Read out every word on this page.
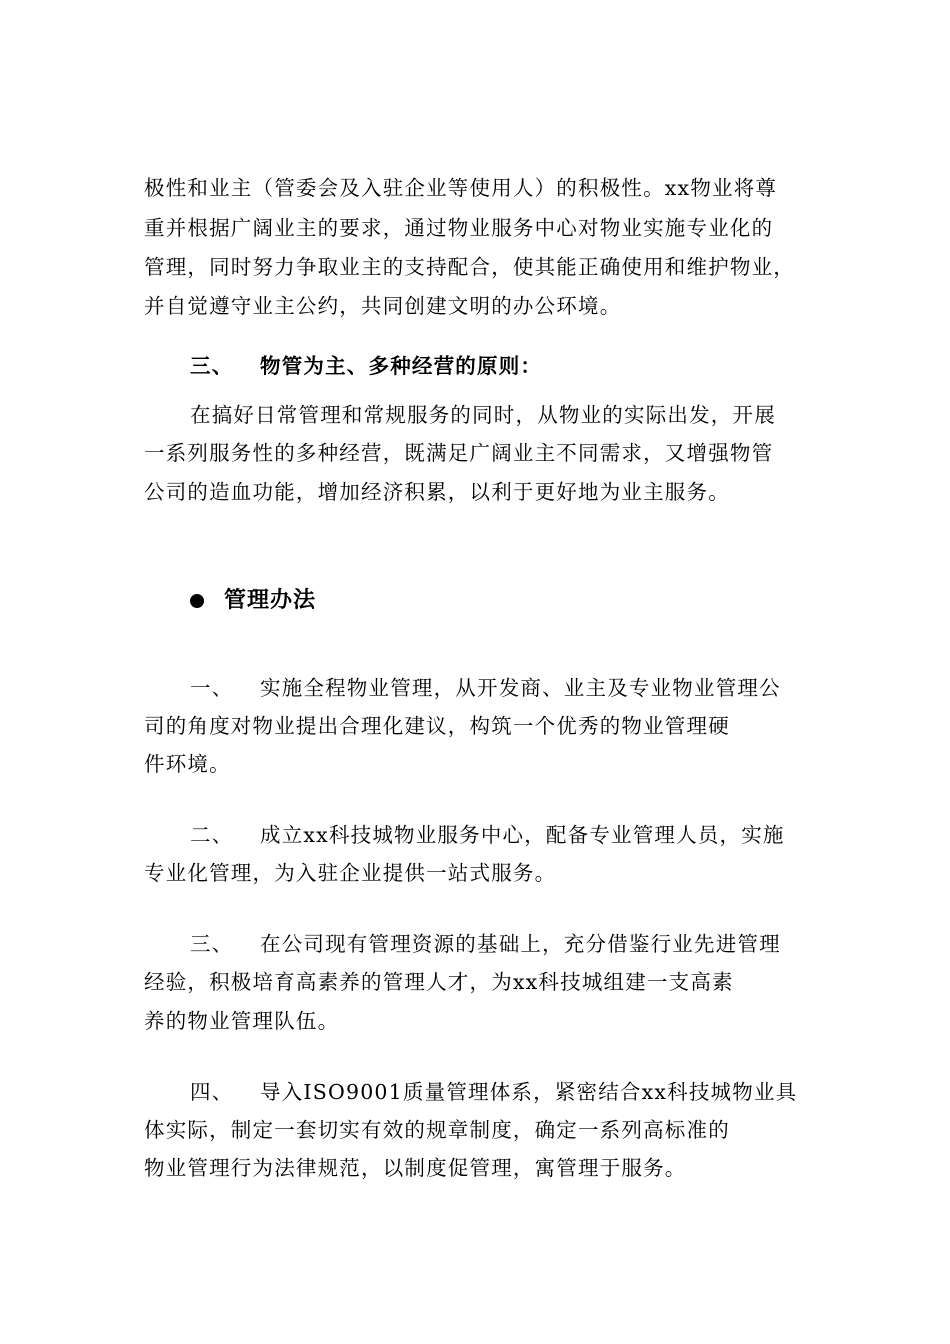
极性和业主（管委会及入驻企业等使用人）的积极性。xx物业将尊
重并根据广阔业主的要求，通过物业服务中心对物业实施专业化的
管理，同时努力争取业主的支持配合，使其能正确使用和维护物业，
并自觉遵守业主公约，共同创建文明的办公环境。
三、 物管为主、多种经营的原则：
在搞好日常管理和常规服务的同时，从物业的实际出发，开展
一系列服务性的多种经营，既满足广阔业主不同需求，又增强物管
公司的造血功能，增加经济积累，以利于更好地为业主服务。
管理办法
一、 实施全程物业管理，从开发商、业主及专业物业管理公
司的角度对物业提出合理化建议，构筑一个优秀的物业管理硬
件环境。
二、 成立xx科技城物业服务中心，配备专业管理人员，实施
专业化管理，为入驻企业提供一站式服务。
三、 在公司现有管理资源的基础上，充分借鉴行业先进管理
经验，积极培育高素养的管理人才，为xx科技城组建一支高素
养的物业管理队伍。
四、 导入ISO9001质量管理体系，紧密结合xx科技城物业具
体实际，制定一套切实有效的规章制度，确定一系列高标准的
物业管理行为法律规范，以制度促管理，寓管理于服务。
